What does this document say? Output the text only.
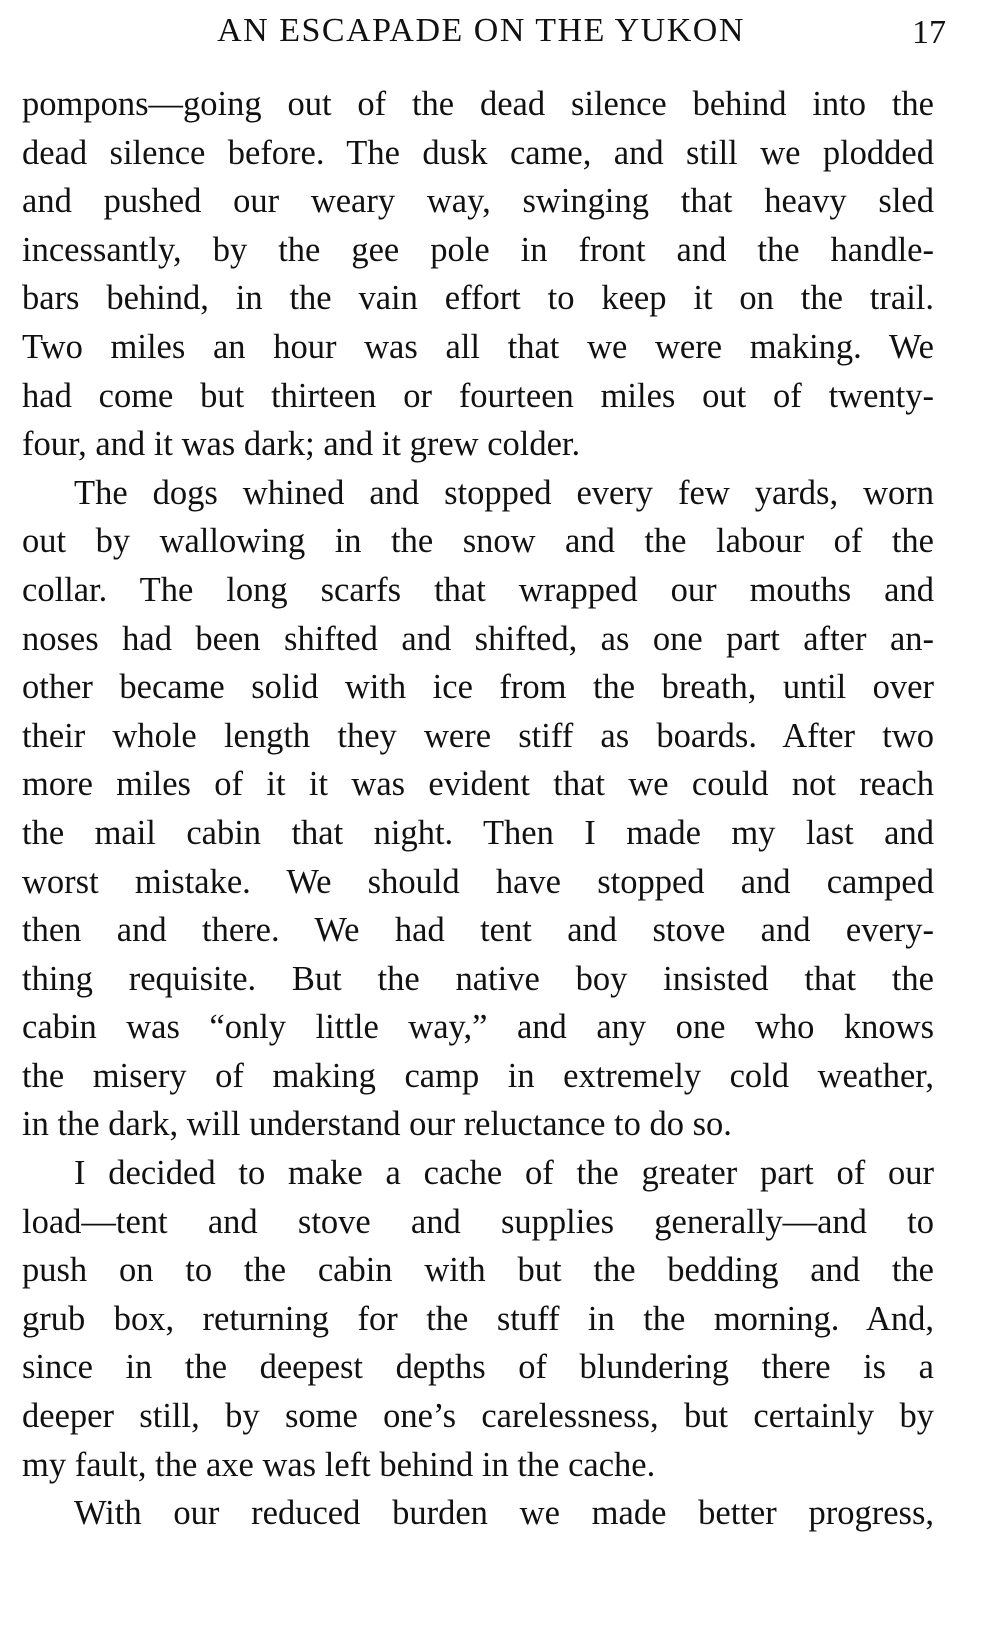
AN ESCAPADE ON THE YUKON	17
pompons—going out of the dead silence behind into the
dead silence before. The dusk came, and still we plodded
and pushed our weary way, swinging that heavy sled
incessantly, by the gee pole in front and the handle-
bars behind, in the vain effort to keep it on the trail.
Two miles an hour was all that we were making. We
had come but thirteen or fourteen miles out of twenty-
four, and it was dark; and it grew colder.
The dogs whined and stopped every few yards, worn
out by wallowing in the snow and the labour of the
collar. The long scarfs that wrapped our mouths and
noses had been shifted and shifted, as one part after an-
other became solid with ice from the breath, until over
their whole length they were stiff as boards. After two
more miles of it it was evident that we could not reach
the mail cabin that night. Then I made my last and
worst mistake. We should have stopped and camped
then and there. We had tent and stove and every-
thing requisite. But the native boy insisted that the
cabin was “only little way,” and any one who knows
the misery of making camp in extremely cold weather,
in the dark, will understand our reluctance to do so.
I decided to make a cache of the greater part of our
load—tent and stove and supplies generally—and to
push on to the cabin with but the bedding and the
grub box, returning for the stuff in the morning. And,
since in the deepest depths of blundering there is a
deeper still, by some one’s carelessness, but certainly by
my fault, the axe was left behind in the cache.
With our reduced burden we made better progress,
